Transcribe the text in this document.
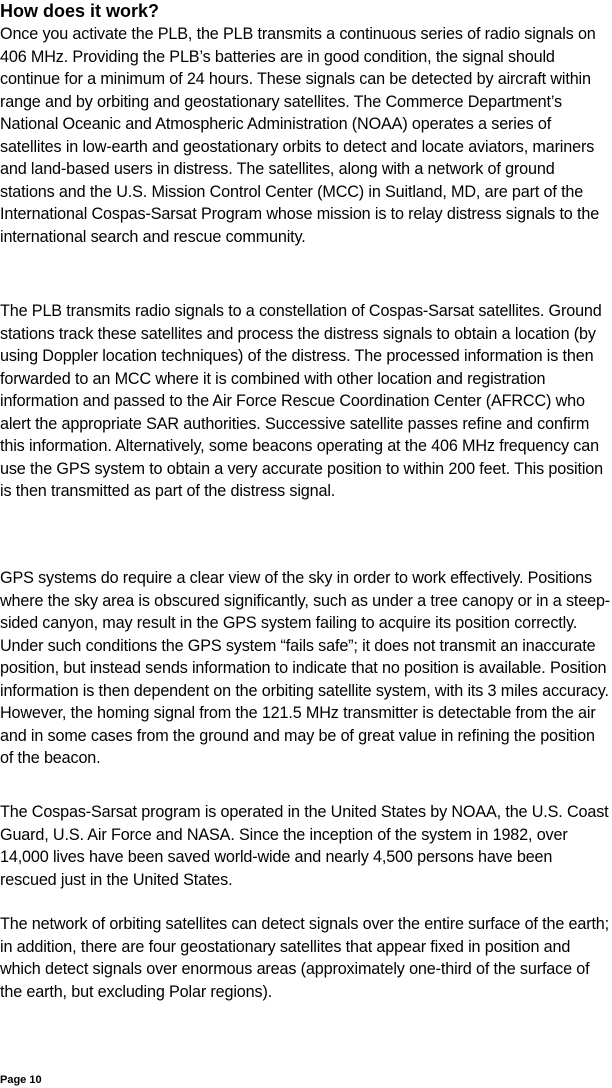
How does it work?

Once you activate the PLB, the PLB transmits a continuous series of radio signals on 406 MHz. Providing the PLB’s batteries are in good condition, the signal should continue for a minimum of 24 hours. These signals can be detected by aircraft within range and by orbiting and geostationary satellites. The Commerce Department’s National Oceanic and Atmospheric Administration (NOAA) operates a series of satellites in low-earth and geostationary orbits to detect and locate aviators, mariners and land-based users in distress. The satellites, along with a network of ground stations and the U.S. Mission Control Center (MCC) in Suitland, MD, are part of the International Cospas-Sarsat Program whose mission is to relay distress signals to the international search and rescue community.

The PLB transmits radio signals to a constellation of Cospas-Sarsat satellites. Ground stations track these satellites and process the distress signals to obtain a location (by using Doppler location techniques) of the distress. The processed information is then forwarded to an MCC where it is combined with other location and registration information and passed to the Air Force Rescue Coordination Center (AFRCC) who alert the appropriate SAR authorities. Successive satellite passes refine and confirm this information. Alternatively, some beacons operating at the 406 MHz frequency can use the GPS system to obtain a very accurate position to within 200 feet. This position is then transmitted as part of the distress signal.

GPS systems do require a clear view of the sky in order to work effectively. Positions where the sky area is obscured significantly, such as under a tree canopy or in a steep-sided canyon, may result in the GPS system failing to acquire its position correctly. Under such conditions the GPS system “fails safe”; it does not transmit an inaccurate position, but instead sends information to indicate that no position is available. Position information is then dependent on the orbiting satellite system, with its 3 miles accuracy. However, the homing signal from the 121.5 MHz transmitter is detectable from the air and in some cases from the ground and may be of great value in refining the position of the beacon.

The Cospas-Sarsat program is operated in the United States by NOAA, the U.S. Coast Guard, U.S. Air Force and NASA. Since the inception of the system in 1982, over 14,000 lives have been saved world-wide and nearly 4,500 persons have been rescued just in the United States.

The network of orbiting satellites can detect signals over the entire surface of the earth; in addition, there are four geostationary satellites that appear fixed in position and which detect signals over enormous areas (approximately one-third of the surface of the earth, but excluding Polar regions).

Page 10
